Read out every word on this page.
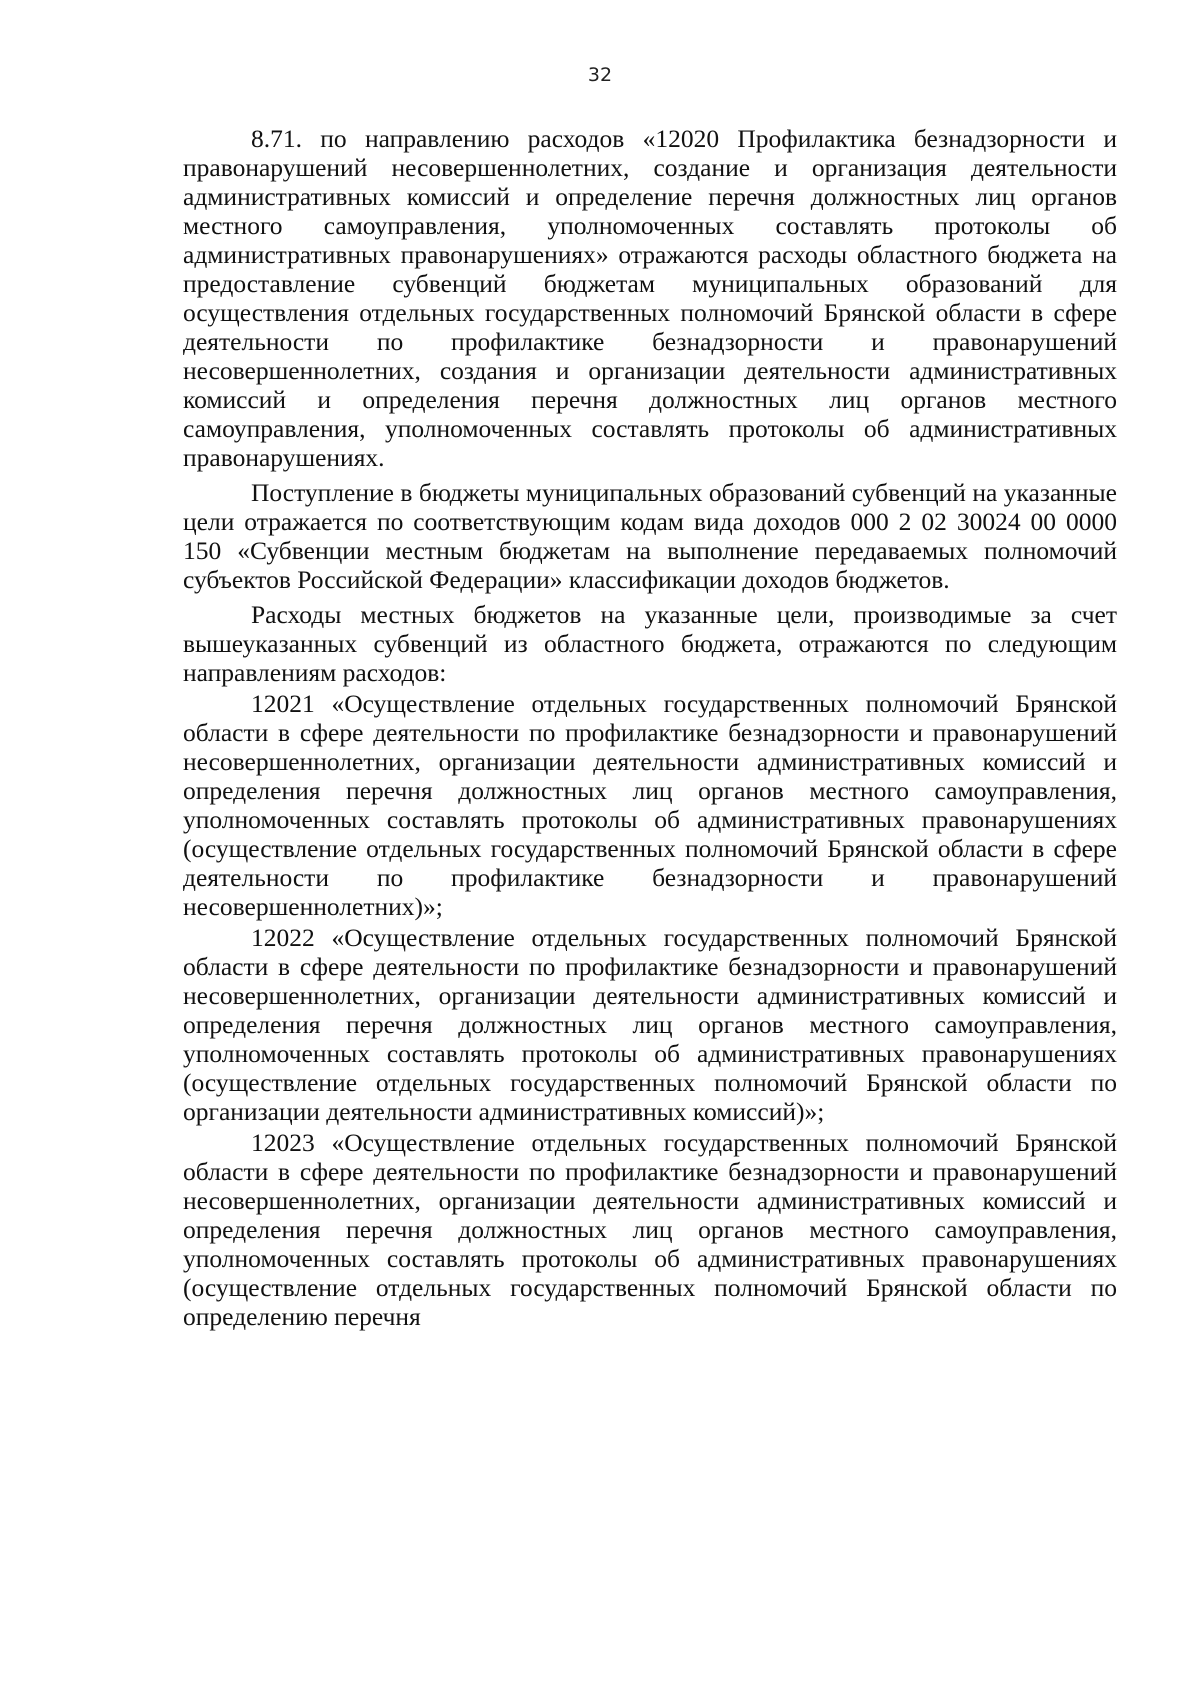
32

8.71. по направлению расходов «12020 Профилактика безнадзорности и правонарушений несовершеннолетних, создание и организация деятельности административных комиссий и определение перечня должностных лиц органов местного самоуправления, уполномоченных составлять протоколы об административных правонарушениях» отражаются расходы областного бюджета на предоставление субвенций бюджетам муниципальных образований для осуществления отдельных государственных полномочий Брянской области в сфере деятельности по профилактике безнадзорности и правонарушений несовершеннолетних, создания и организации деятельности административных комиссий и определения перечня должностных лиц органов местного самоуправления, уполномоченных составлять протоколы об административных правонарушениях.

Поступление в бюджеты муниципальных образований субвенций на указанные цели отражается по соответствующим кодам вида доходов 000 2 02 30024 00 0000 150 «Субвенции местным бюджетам на выполнение передаваемых полномочий субъектов Российской Федерации» классификации доходов бюджетов.

Расходы местных бюджетов на указанные цели, производимые за счет вышеуказанных субвенций из областного бюджета, отражаются по следующим направлениям расходов:

12021 «Осуществление отдельных государственных полномочий Брянской области в сфере деятельности по профилактике безнадзорности и правонарушений несовершеннолетних, организации деятельности административных комиссий и определения перечня должностных лиц органов местного самоуправления, уполномоченных составлять протоколы об административных правонарушениях (осуществление отдельных государственных полномочий Брянской области в сфере деятельности по профилактике безнадзорности и правонарушений несовершеннолетних)»;

12022 «Осуществление отдельных государственных полномочий Брянской области в сфере деятельности по профилактике безнадзорности и правонарушений несовершеннолетних, организации деятельности административных комиссий и определения перечня должностных лиц органов местного самоуправления, уполномоченных составлять протоколы об административных правонарушениях (осуществление отдельных государственных полномочий Брянской области по организации деятельности административных комиссий)»;

12023 «Осуществление отдельных государственных полномочий Брянской области в сфере деятельности по профилактике безнадзорности и правонарушений несовершеннолетних, организации деятельности административных комиссий и определения перечня должностных лиц органов местного самоуправления, уполномоченных составлять протоколы об административных правонарушениях (осуществление отдельных государственных полномочий Брянской области по определению перечня
